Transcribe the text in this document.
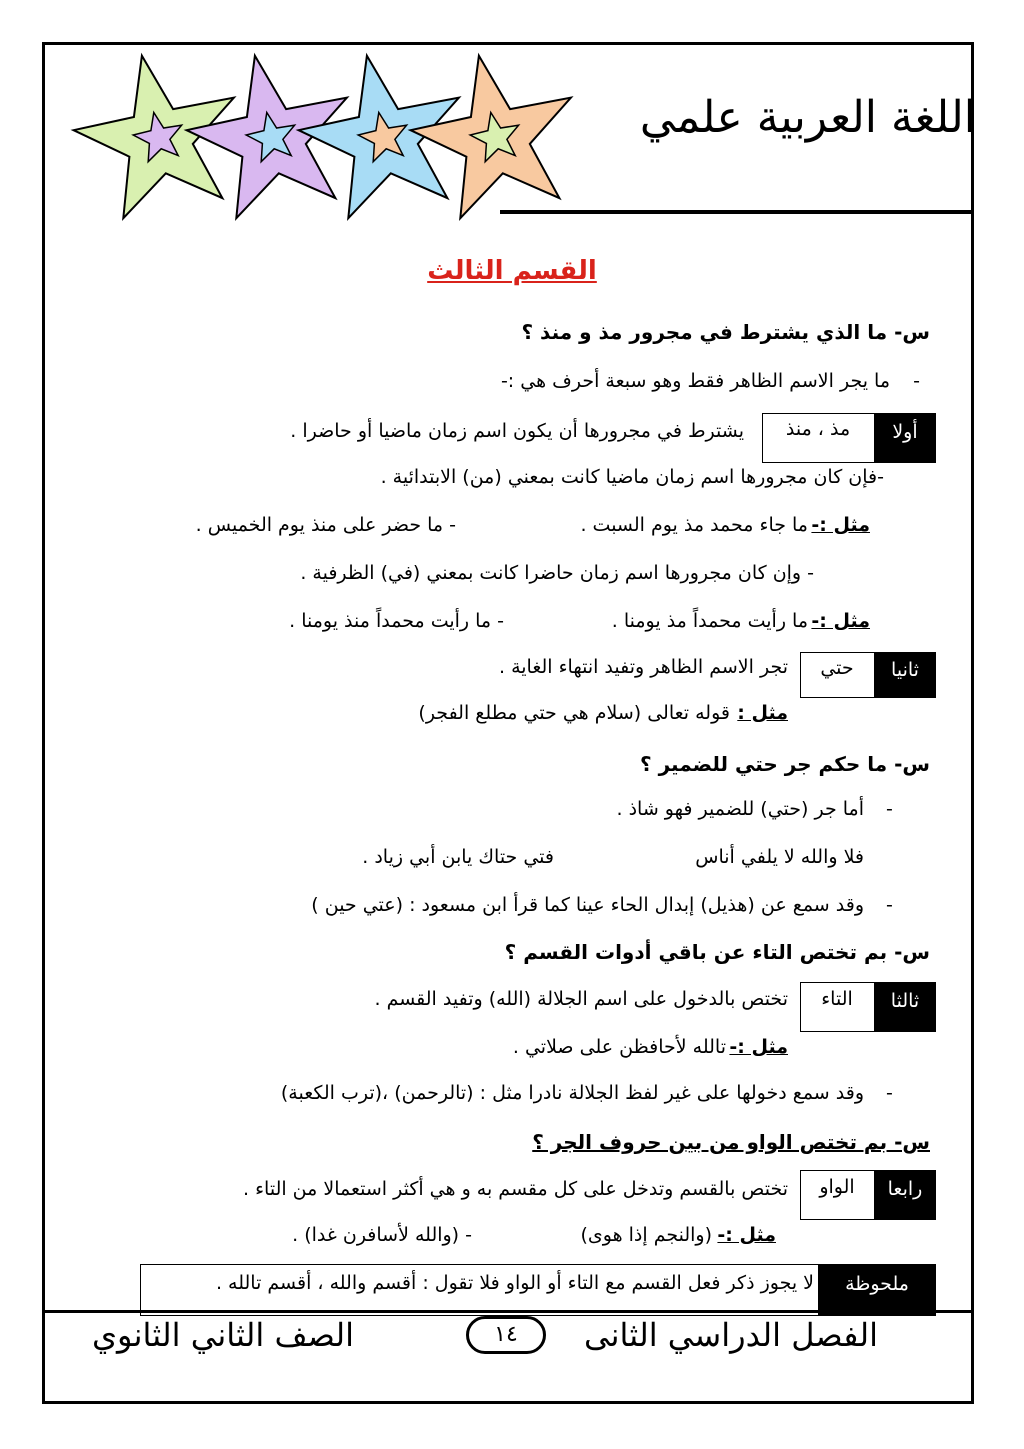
اللغة العربية علمي
القسم الثالث
س- ما الذي يشترط في مجرور مذ و منذ ؟
ما يجر الاسم الظاهر فقط وهو سبعة أحرف هي :- -
أولا
مذ ، منذ
يشترط في مجرورها أن يكون اسم زمان ماضيا أو حاضرا .
-فإن كان مجرورها اسم زمان ماضيا كانت بمعني (من) الابتدائية .
مثل :-
ما جاء محمد مذ يوم السبت .
- ما حضر على منذ يوم الخميس .
- وإن كان مجرورها اسم زمان حاضرا كانت بمعني (في) الظرفية .
مثل :-
ما رأيت محمداً مذ يومنا .
- ما رأيت محمداً منذ يومنا .
ثانيا
حتي
تجر الاسم الظاهر وتفيد انتهاء الغاية .
مثل :
قوله تعالى (سلام هي حتي مطلع الفجر)
س- ما حكم جر حتي للضمير ؟
-
أما جر (حتي) للضمير فهو شاذ .
فلا والله لا يلفي أناس
فتي حتاك يابن أبي زياد .
-
وقد سمع عن (هذيل) إبدال الحاء عينا كما قرأ ابن مسعود : (عتي حين )
س- بم تختص التاء عن باقي أدوات القسم ؟
ثالثا
التاء
تختص بالدخول على اسم الجلالة (الله) وتفيد القسم .
مثل :-
تالله لأحافظن على صلاتي .
-
وقد سمع دخولها على غير لفظ الجلالة نادرا مثل : (تالرحمن) ،(ترب الكعبة)
س- بم تختص الواو من بين حروف الجر ؟
رابعا
الواو
تختص بالقسم وتدخل على كل مقسم به و هي أكثر استعمالا من التاء .
مثل :-
(والنجم إذا هوى)
- (والله لأسافرن غدا) .
ملحوظة
لا يجوز ذكر فعل القسم مع التاء أو الواو فلا تقول : أقسم والله ، أقسم تالله .
الفصل الدراسي الثانى
١٤
الصف الثاني الثانوي
